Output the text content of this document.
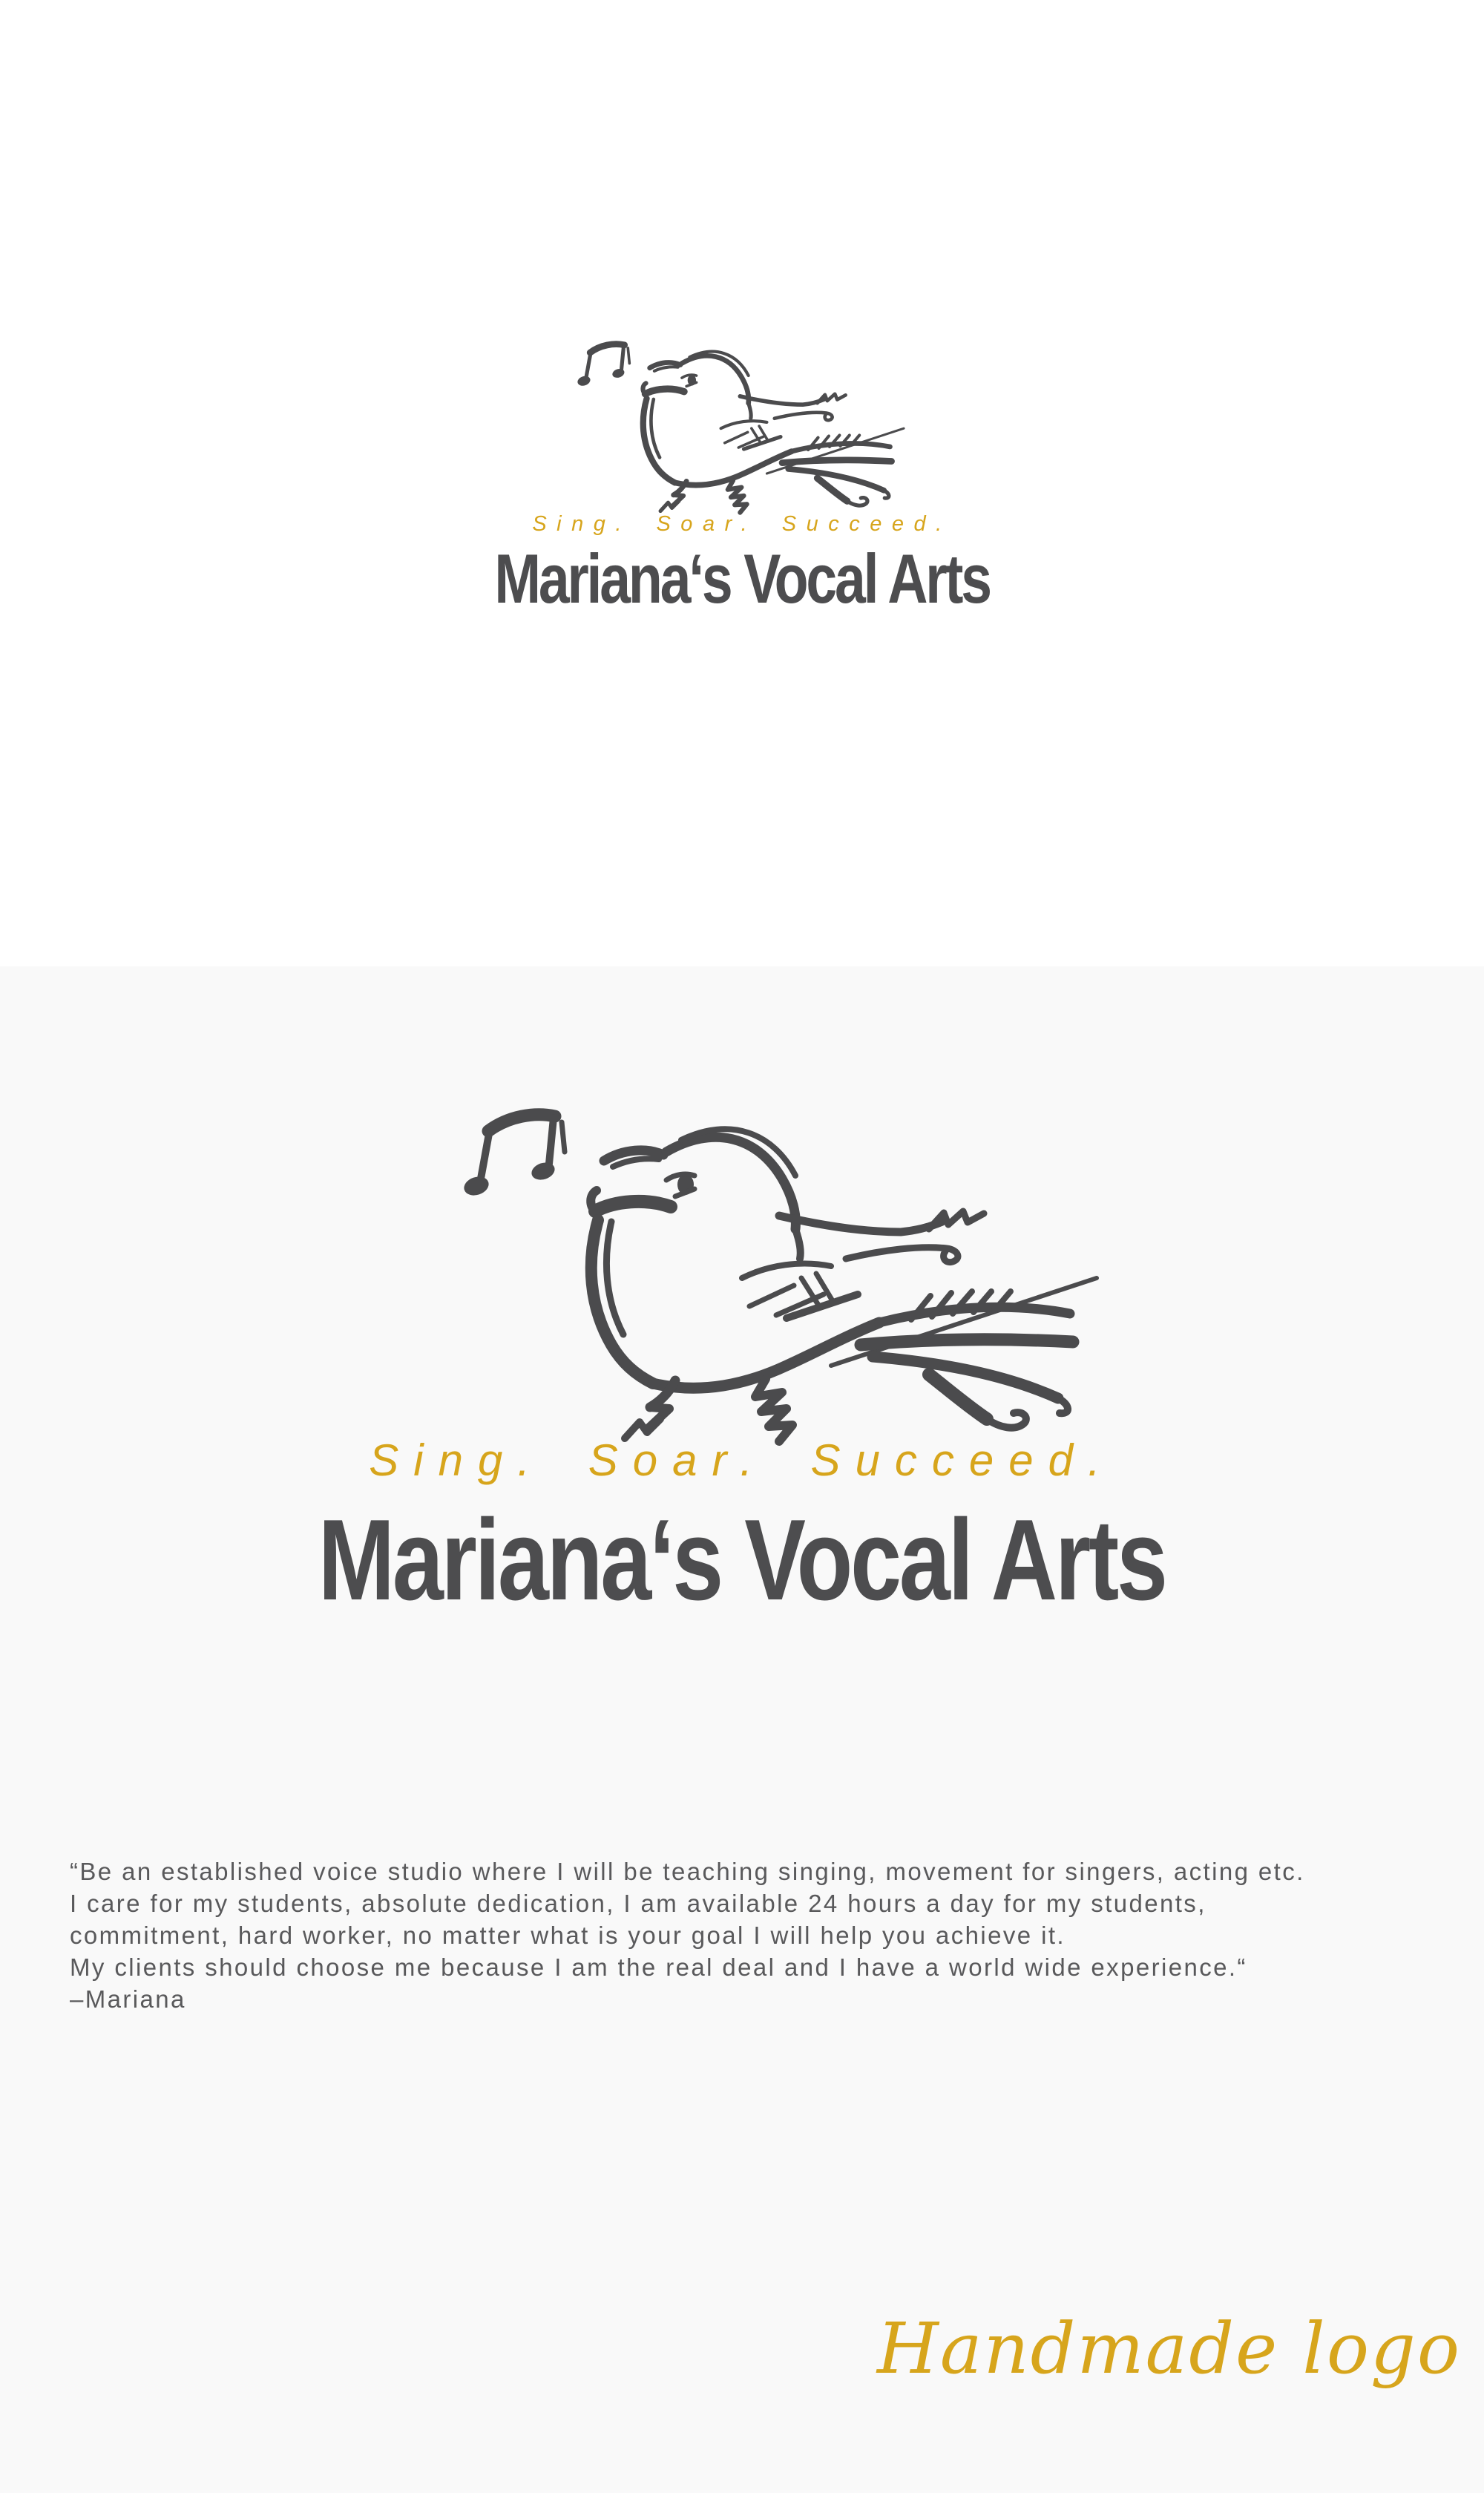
Sing. Soar. Succeed.
Mariana‘s Vocal Arts
Sing. Soar. Succeed.
Mariana‘s Vocal Arts
“Be an established voice studio where I will be teaching singing, movement for singers, acting etc.
I care for my students, absolute dedication, I am available 24 hours a day for my students,
commitment, hard worker, no matter what is your goal I will help you achieve it.
My clients should choose me because I am the real deal and I have a world wide experience.“
–Mariana
Handmade logo
